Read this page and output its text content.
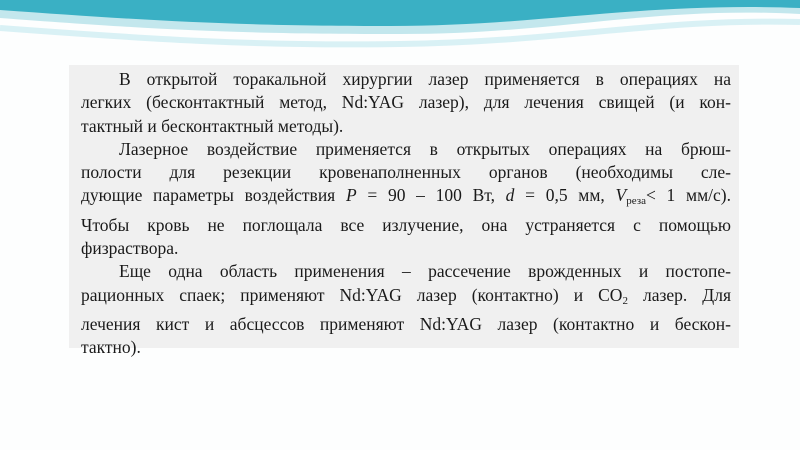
В открытой торакальной хирургии лазер применяется в операциях на
легких (бесконтактный метод, Nd:YAG лазер), для лечения свищей (и кон-
тактный и бесконтактный методы).
Лазерное воздействие применяется в открытых операциях на брюш-
полости для резекции кровенаполненных органов (необходимы сле-
дующие параметры воздействия P = 90 – 100 Вт, d = 0,5 мм, $V_{реза}< 1$ мм/с).
Чтобы кровь не поглощала все излучение, она устраняется с помощью
физраствора.
Еще одна область применения – рассечение врожденных и постопе-
рационных спаек; применяют Nd:YAG лазер (контактно) и $CO_2$ лазер. Для
лечения кист и абсцессов применяют Nd:YAG лазер (контактно и бескон-
тактно).
